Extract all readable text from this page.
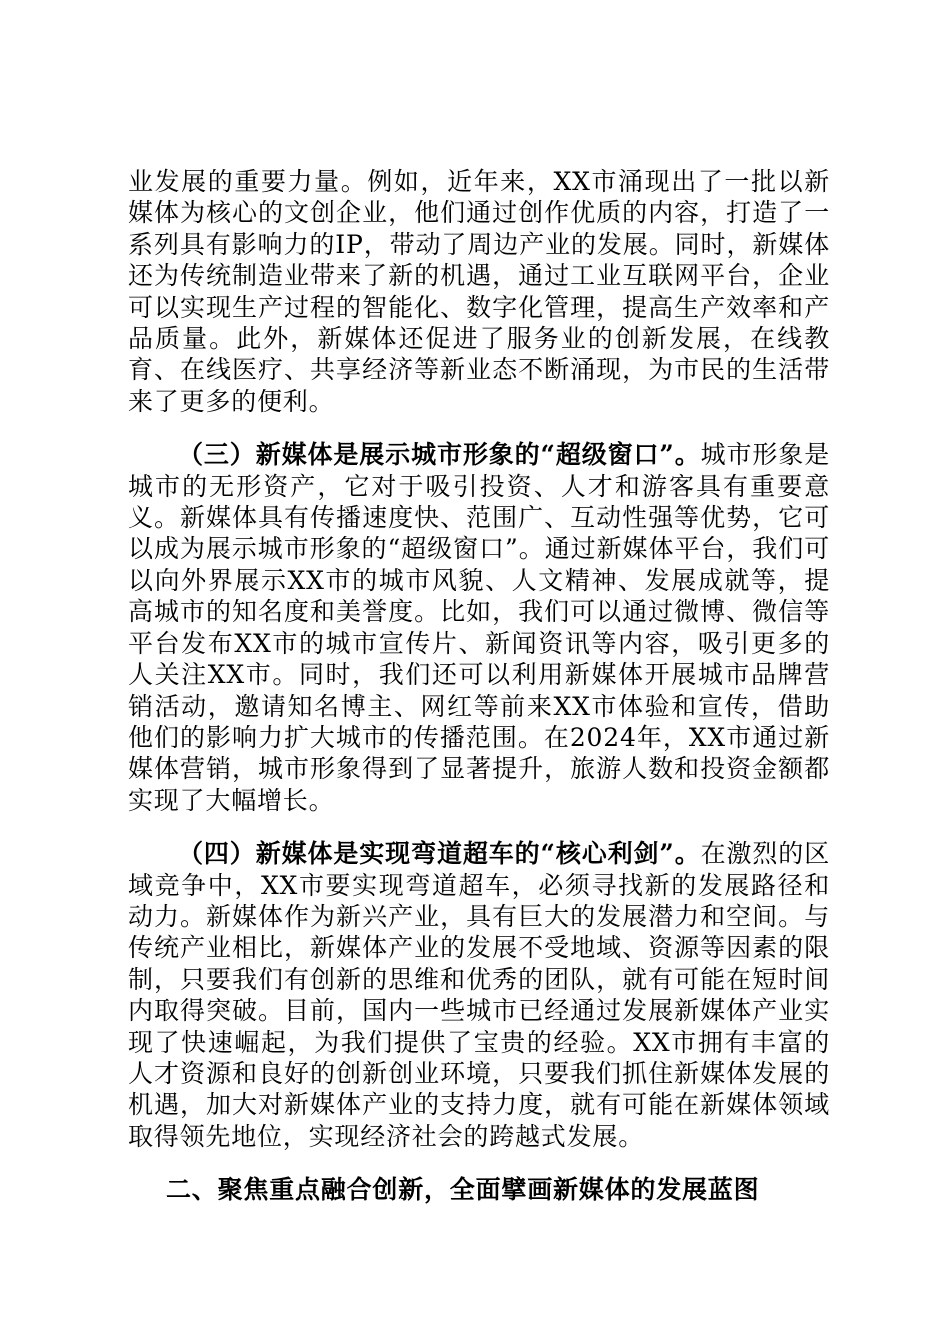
业发展的重要力量。例如，近年来，XX市涌现出了一批以新媒体为核心的文创企业，他们通过创作优质的内容，打造了一系列具有影响力的IP，带动了周边产业的发展。同时，新媒体还为传统制造业带来了新的机遇，通过工业互联网平台，企业可以实现生产过程的智能化、数字化管理，提高生产效率和产品质量。此外，新媒体还促进了服务业的创新发展，在线教育、在线医疗、共享经济等新业态不断涌现，为市民的生活带来了更多的便利。

（三）新媒体是展示城市形象的“超级窗口”。城市形象是城市的无形资产，它对于吸引投资、人才和游客具有重要意义。新媒体具有传播速度快、范围广、互动性强等优势，它可以成为展示城市形象的“超级窗口”。通过新媒体平台，我们可以向外界展示XX市的城市风貌、人文精神、发展成就等，提高城市的知名度和美誉度。比如，我们可以通过微博、微信等平台发布XX市的城市宣传片、新闻资讯等内容，吸引更多的人关注XX市。同时，我们还可以利用新媒体开展城市品牌营销活动，邀请知名博主、网红等前来XX市体验和宣传，借助他们的影响力扩大城市的传播范围。在2024年，XX市通过新媒体营销，城市形象得到了显著提升，旅游人数和投资金额都实现了大幅增长。

（四）新媒体是实现弯道超车的“核心利剑”。在激烈的区域竞争中，XX市要实现弯道超车，必须寻找新的发展路径和动力。新媒体作为新兴产业，具有巨大的发展潜力和空间。与传统产业相比，新媒体产业的发展不受地域、资源等因素的限制，只要我们有创新的思维和优秀的团队，就有可能在短时间内取得突破。目前，国内一些城市已经通过发展新媒体产业实现了快速崛起，为我们提供了宝贵的经验。XX市拥有丰富的人才资源和良好的创新创业环境，只要我们抓住新媒体发展的机遇，加大对新媒体产业的支持力度，就有可能在新媒体领域取得领先地位，实现经济社会的跨越式发展。

二、聚焦重点融合创新，全面擘画新媒体的发展蓝图
